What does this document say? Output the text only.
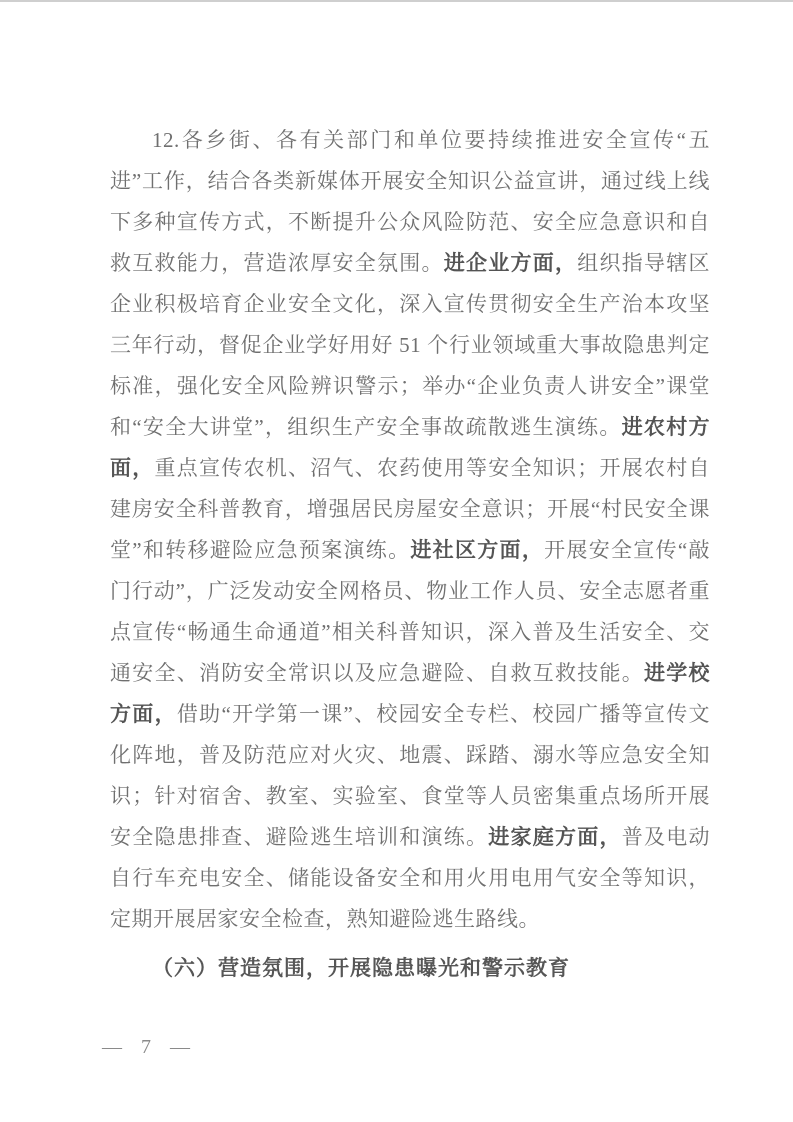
12.各乡街、各有关部门和单位要持续推进安全宣传“五进”工作，结合各类新媒体开展安全知识公益宣讲，通过线上线下多种宣传方式，不断提升公众风险防范、安全应急意识和自救互救能力，营造浓厚安全氛围。进企业方面，组织指导辖区企业积极培育企业安全文化，深入宣传贯彻安全生产治本攻坚三年行动，督促企业学好用好 51 个行业领域重大事故隐患判定标准，强化安全风险辨识警示；举办“企业负责人讲安全”课堂和“安全大讲堂”，组织生产安全事故疏散逃生演练。进农村方面，重点宣传农机、沼气、农药使用等安全知识；开展农村自建房安全科普教育，增强居民房屋安全意识；开展“村民安全课堂”和转移避险应急预案演练。进社区方面，开展安全宣传“敲门行动”，广泛发动安全网格员、物业工作人员、安全志愿者重点宣传“畅通生命通道”相关科普知识，深入普及生活安全、交通安全、消防安全常识以及应急避险、自救互救技能。进学校方面，借助“开学第一课”、校园安全专栏、校园广播等宣传文化阵地，普及防范应对火灾、地震、踩踏、溺水等应急安全知识；针对宿舍、教室、实验室、食堂等人员密集重点场所开展安全隐患排查、避险逃生培训和演练。进家庭方面，普及电动自行车充电安全、储能设备安全和用火用电用气安全等知识，定期开展居家安全检查，熟知避险逃生路线。

（六）营造氛围，开展隐患曝光和警示教育
— 7 —
